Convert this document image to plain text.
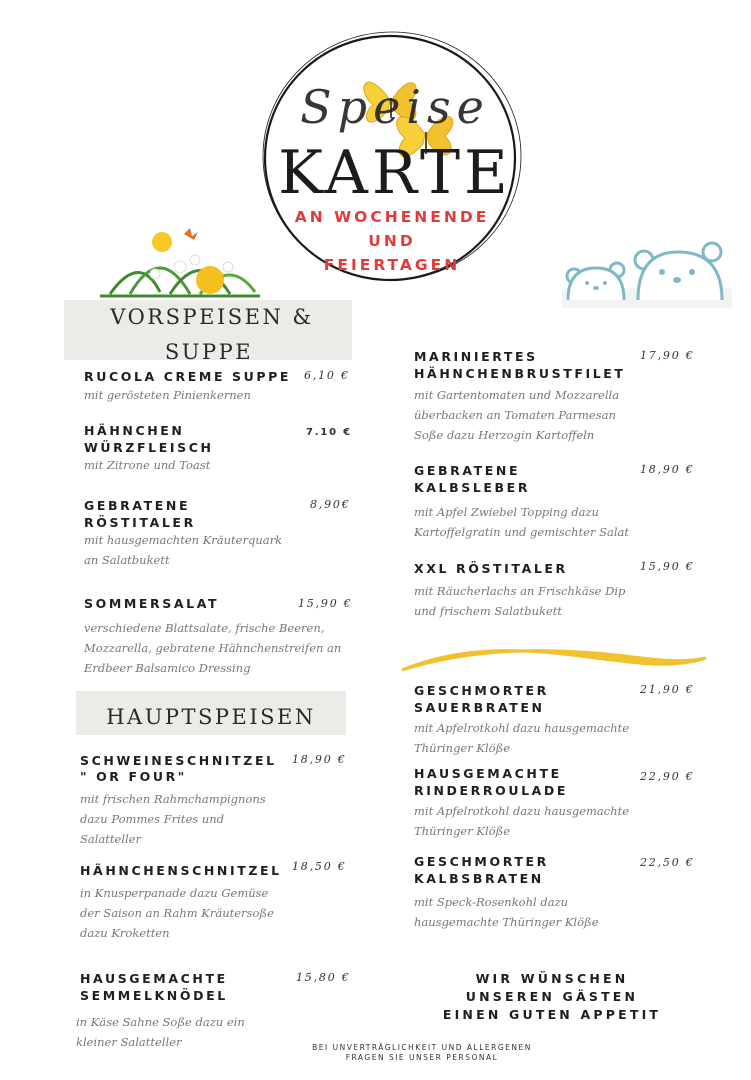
Speise
KARTE
AN WOCHENENDE
UND
FEIERTAGEN
VORSPEISEN &
SUPPE
RUCOLA CREME SUPPE 6,10 €
mit gerösteten Pinienkernen
HÄHNCHEN
WÜRZFLEISCH
7.10 €
mit Zitrone und Toast
GEBRATENE
RÖSTITALER
8,90€
mit hausgemachten Kräuterquark
an Salatbukett
SOMMERSALAT	15,90 €
verschiedene Blattsalate, frische Beeren,
Mozzarella, gebratene Hähnchenstreifen an
Erdbeer Balsamico Dressing
HAUPTSPEISEN
SCHWEINESCHNITZEL
" OR FOUR"
18,90 €
mit frischen Rahmchampignons
dazu Pommes Frites und
Salatteller
HÄHNCHENSCHNITZEL 18,50 €
in Knusperpanade dazu Gemüse
der Saison an Rahm Kräutersoße
dazu Kroketten
HAUSGEMACHTE
SEMMELKNÖDEL
15,80 €
in Käse Sahne Soße dazu ein
kleiner Salatteller
MARINIERTES
HÄHNCHENBRUSTFILET
17,90 €
mit Gartentomaten und Mozzarella
überbacken an Tomaten Parmesan
Soße dazu Herzogin Kartoffeln
GEBRATENE
KALBSLEBER
18,90 €
mit Apfel Zwiebel Topping dazu
Kartoffelgratin und gemischter Salat
XXL RÖSTITALER	15,90 €
mit Räucherlachs an Frischkäse Dip
und frischem Salatbukett
GESCHMORTER
SAUERBRATEN
21,90 €
mit Apfelrotkohl dazu hausgemachte
Thüringer Klöße
HAUSGEMACHTE
RINDERROULADE
22,90 €
mit Apfelrotkohl dazu hausgemachte
Thüringer Klöße
GESCHMORTER
KALBSBRATEN
22,50 €
mit Speck-Rosenkohl dazu
hausgemachte Thüringer Klöße
WIR WÜNSCHEN
UNSEREN GÄSTEN
EINEN GUTEN APPETIT
BEI UNVERTRÄGLICHKEIT UND ALLERGENEN
FRAGEN SIE UNSER PERSONAL
